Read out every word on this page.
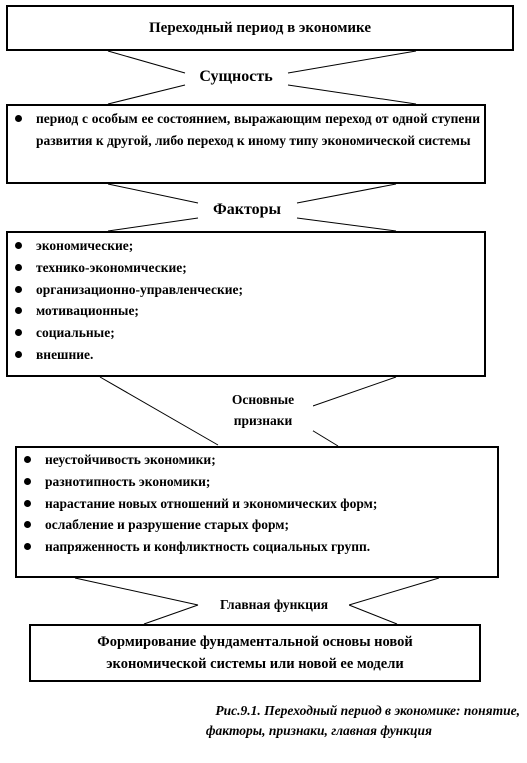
Переходный период в экономике
Сущность
период с особым ее состоянием, выражающим переход от одной ступени развития к другой, либо переход к иному типу экономической системы
Факторы
экономические;
технико-экономические;
организационно-управленческие;
мотивационные;
социальные;
внешние.
Основные
признаки
неустойчивость экономики;
разнотипность экономики;
нарастание новых отношений и экономических форм;
ослабление и разрушение старых форм;
напряженность и конфликтность социальных групп.
Главная функция
Формирование фундаментальной основы новой
экономической системы или новой ее модели
Рис.9.1. Переходный период в экономике: понятие,
факторы, признаки, главная функция
